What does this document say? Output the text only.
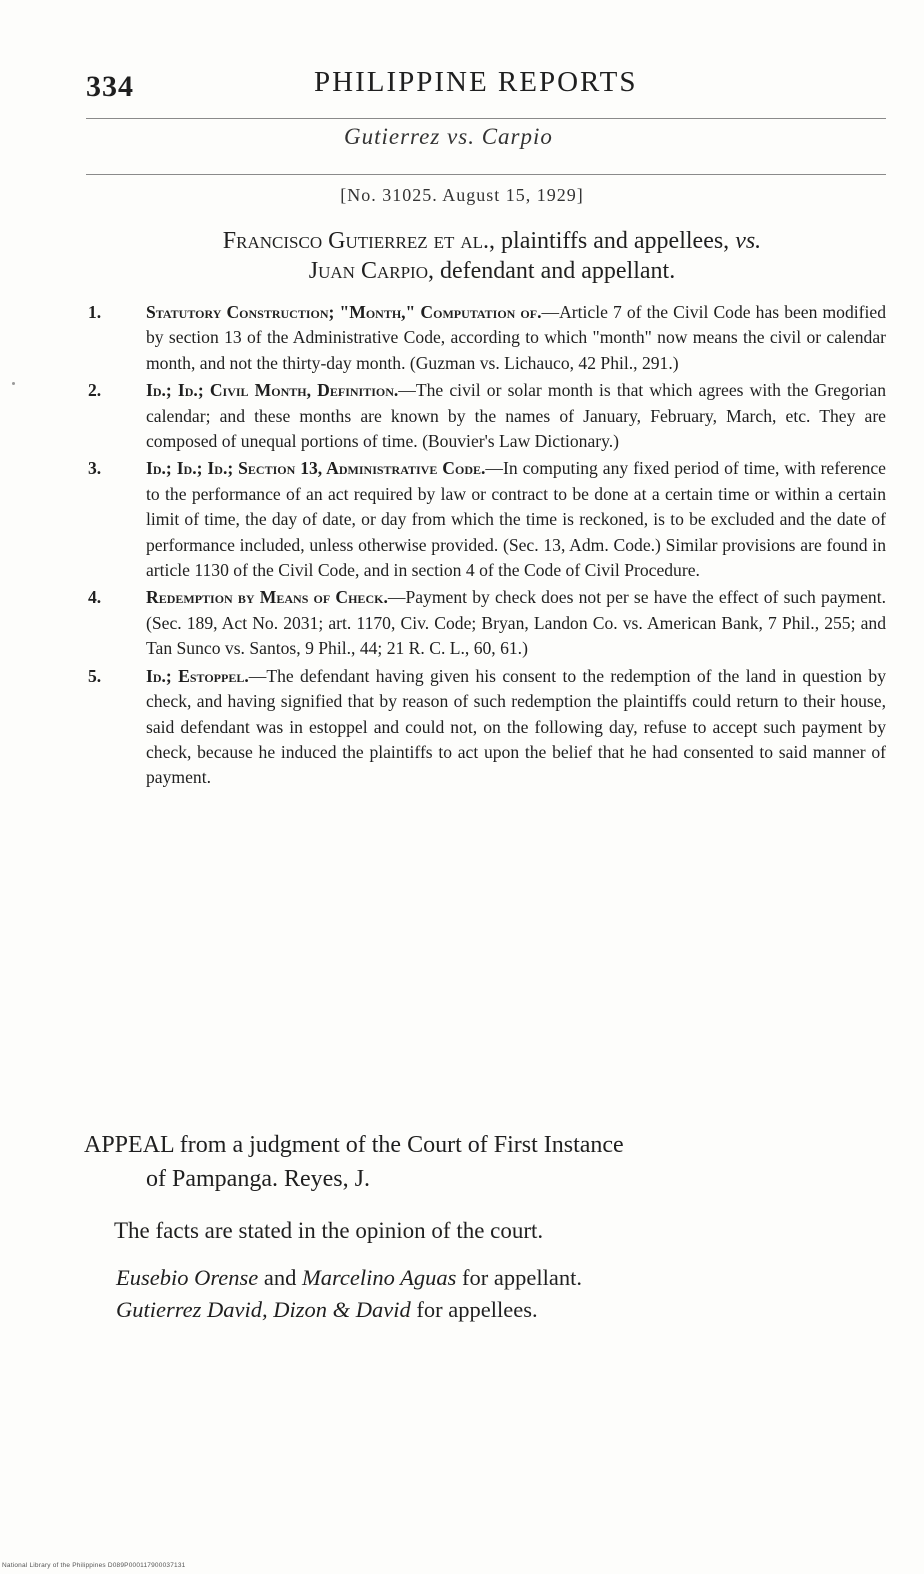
334	PHILIPPINE REPORTS
Gutierrez vs. Carpio
[No. 31025. August 15, 1929]
Francisco Gutierrez et al., plaintiffs and appellees, vs.
Juan Carpio, defendant and appellant.

1.	Statutory Construction; "Month," Computation of.—Article 7 of the Civil Code has been modified by section 13 of the Administrative Code, according to which "month" now means the civil or calendar month, and not the thirty-day month. (Guzman vs. Lichauco, 42 Phil., 291.)

2.	Id.; Id.; Civil Month, Definition.—The civil or solar month is that which agrees with the Gregorian calendar; and these months are known by the names of January, February, March, etc. They are composed of unequal portions of time. (Bouvier's Law Dictionary.)

3.	Id.; Id.; Id.; Section 13, Administrative Code.—In computing any fixed period of time, with reference to the performance of an act required by law or contract to be done at a certain time or within a certain limit of time, the day of date, or day from which the time is reckoned, is to be excluded and the date of performance included, unless otherwise provided. (Sec. 13, Adm. Code.) Similar provisions are found in article 1130 of the Civil Code, and in section 4 of the Code of Civil Procedure.

4.	Redemption by Means of Check.—Payment by check does not per se have the effect of such payment. (Sec. 189, Act No. 2031; art. 1170, Civ. Code; Bryan, Landon Co. vs. American Bank, 7 Phil., 255; and Tan Sunco vs. Santos, 9 Phil., 44; 21 R. C. L., 60, 61.)

5.	Id.; Estoppel.—The defendant having given his consent to the redemption of the land in question by check, and having signified that by reason of such redemption the plaintiffs could return to their house, said defendant was in estoppel and could not, on the following day, refuse to accept such payment by check, because he induced the plaintiffs to act upon the belief that he had consented to said manner of payment.

APPEAL from a judgment of the Court of First Instance
of Pampanga. Reyes, J.
The facts are stated in the opinion of the court.
Eusebio Orense and Marcelino Aguas for appellant.
Gutierrez David, Dizon & David for appellees.
National Library of the Philippines D089P000117900037131
